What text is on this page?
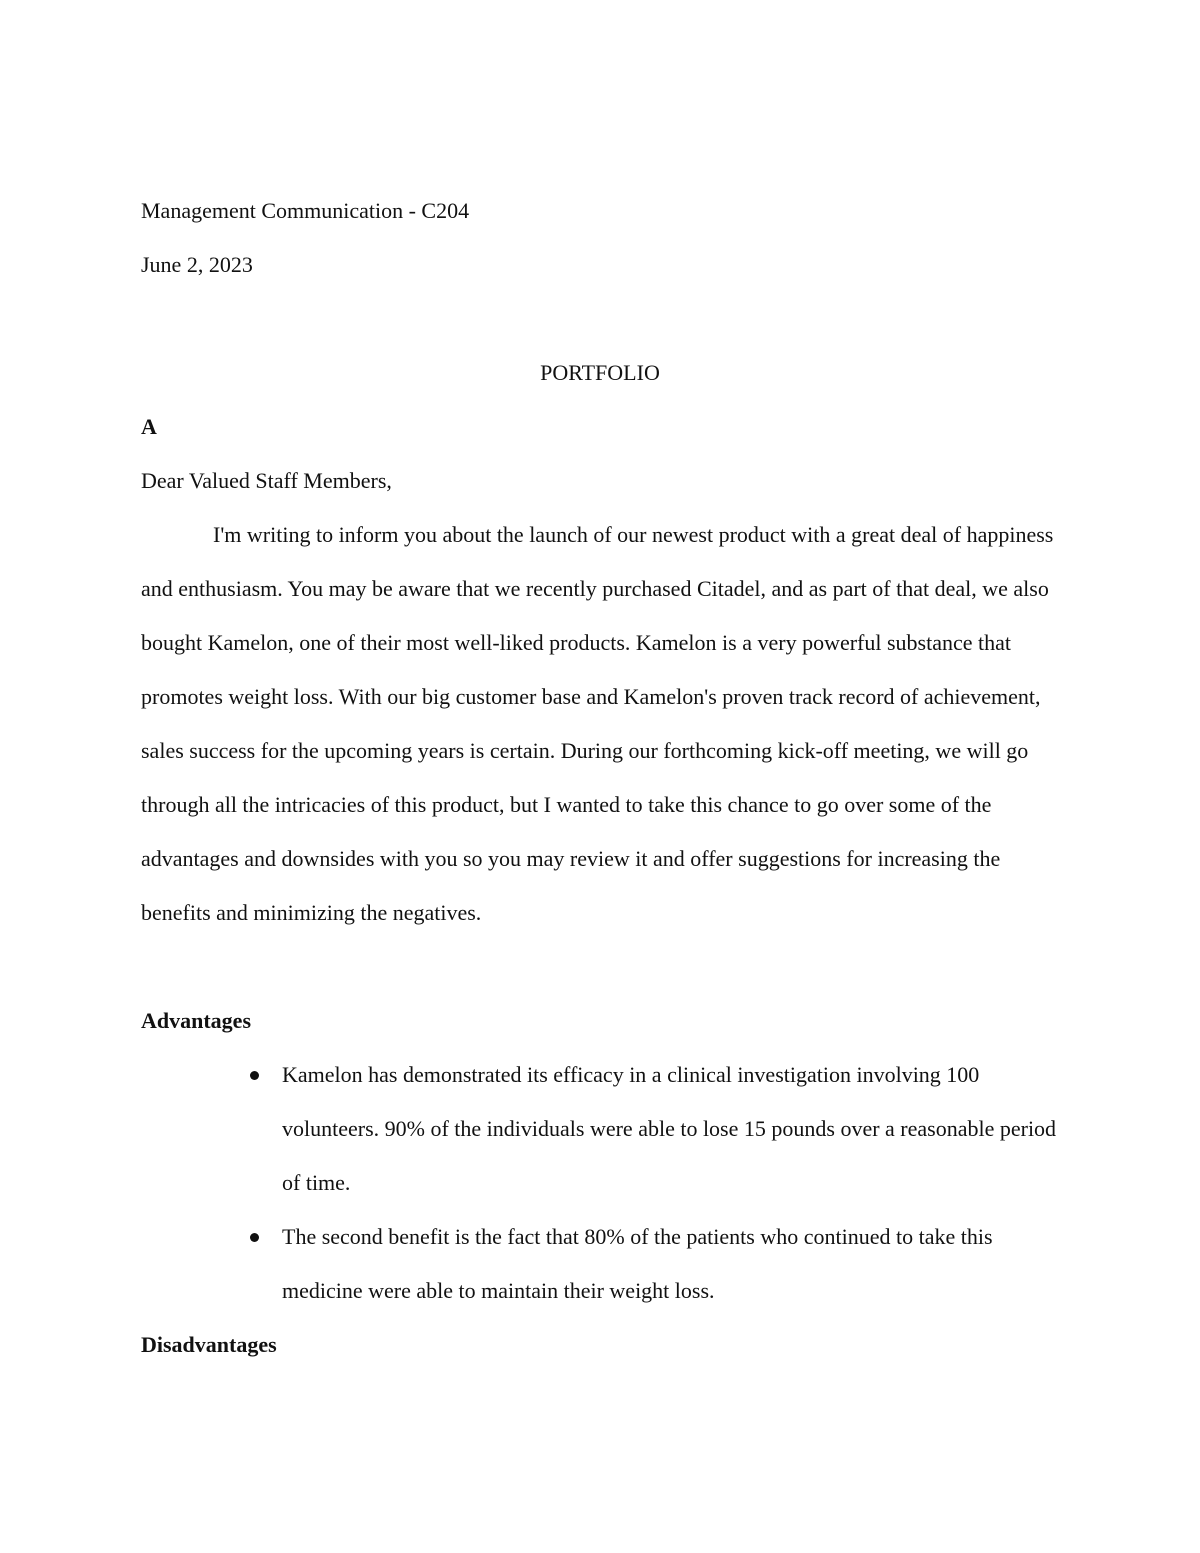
Management Communication - C204

June 2, 2023

PORTFOLIO

A

Dear Valued Staff Members,

I'm writing to inform you about the launch of our newest product with a great deal of happiness and enthusiasm. You may be aware that we recently purchased Citadel, and as part of that deal, we also bought Kamelon, one of their most well-liked products. Kamelon is a very powerful substance that promotes weight loss. With our big customer base and Kamelon's proven track record of achievement, sales success for the upcoming years is certain. During our forthcoming kick-off meeting, we will go through all the intricacies of this product, but I wanted to take this chance to go over some of the advantages and downsides with you so you may review it and offer suggestions for increasing the benefits and minimizing the negatives.

Advantages

Kamelon has demonstrated its efficacy in a clinical investigation involving 100 volunteers. 90% of the individuals were able to lose 15 pounds over a reasonable period of time.
The second benefit is the fact that 80% of the patients who continued to take this medicine were able to maintain their weight loss.

Disadvantages
